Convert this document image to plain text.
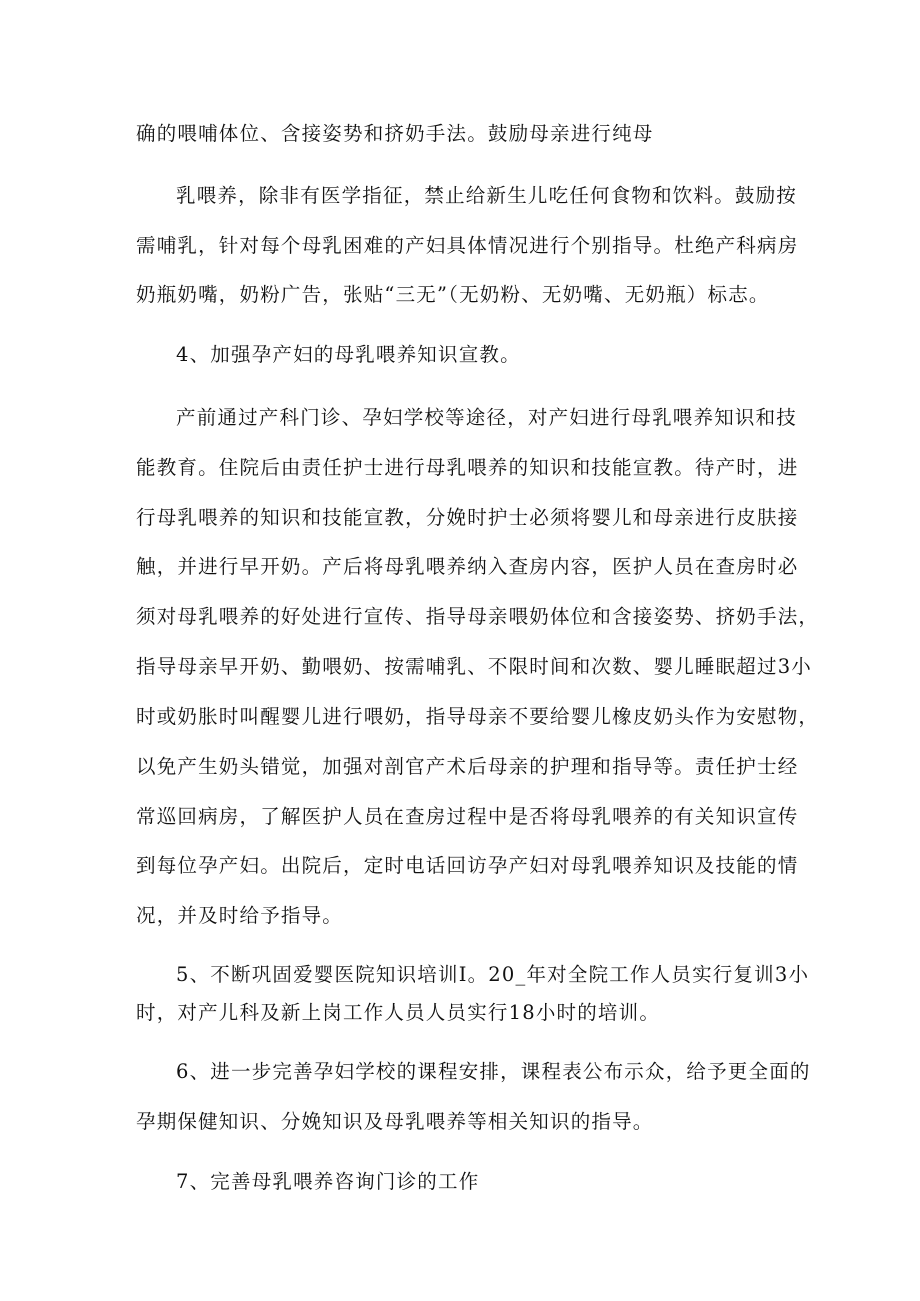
确的喂哺体位、含接姿势和挤奶手法。鼓励母亲进行纯母
乳喂养，除非有医学指征，禁止给新生儿吃任何食物和饮料。鼓励按
需哺乳，针对每个母乳困难的产妇具体情况进行个别指导。杜绝产科病房
奶瓶奶嘴，奶粉广告，张贴“三无”（无奶粉、无奶嘴、无奶瓶）标志。
4、加强孕产妇的母乳喂养知识宣教。
产前通过产科门诊、孕妇学校等途径，对产妇进行母乳喂养知识和技
能教育。住院后由责任护士进行母乳喂养的知识和技能宣教。待产时，进
行母乳喂养的知识和技能宣教，分娩时护士必须将婴儿和母亲进行皮肤接
触，并进行早开奶。产后将母乳喂养纳入查房内容，医护人员在查房时必
须对母乳喂养的好处进行宣传、指导母亲喂奶体位和含接姿势、挤奶手法，
指导母亲早开奶、勤喂奶、按需哺乳、不限时间和次数、婴儿睡眠超过3小
时或奶胀时叫醒婴儿进行喂奶，指导母亲不要给婴儿橡皮奶头作为安慰物，
以免产生奶头错觉，加强对剖官产术后母亲的护理和指导等。责任护士经
常巡回病房，了解医护人员在查房过程中是否将母乳喂养的有关知识宣传
到每位孕产妇。出院后，定时电话回访孕产妇对母乳喂养知识及技能的情
况，并及时给予指导。
5、不断巩固爱婴医院知识培训I。20_年对全院工作人员实行复训3小
时，对产儿科及新上岗工作人员人员实行18小时的培训。
6、进一步完善孕妇学校的课程安排，课程表公布示众，给予更全面的
孕期保健知识、分娩知识及母乳喂养等相关知识的指导。
7、完善母乳喂养咨询门诊的工作
